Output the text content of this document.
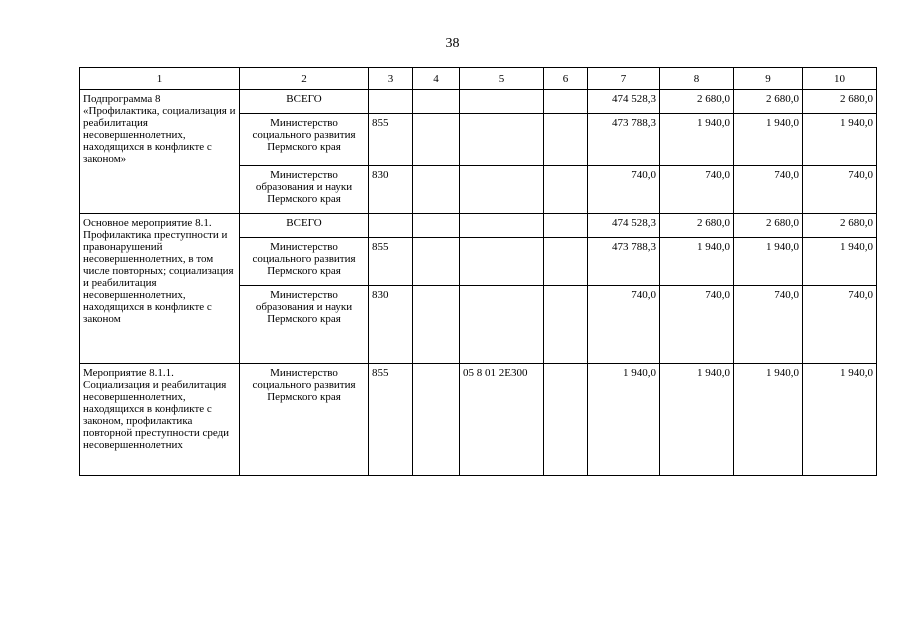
38
1	2	3	4	5	6	7	8	9	10
Подпрограмма 8 «Профилактика, социализация и реабилитация несовершеннолетних, находящихся в конфликте с законом»	ВСЕГО					474 528,3	2 680,0	2 680,0	2 680,0
	Министерство социального развития Пермского края	855				473 788,3	1 940,0	1 940,0	1 940,0
	Министерство образования и науки Пермского края	830				740,0	740,0	740,0	740,0
Основное мероприятие 8.1. Профилактика преступности и правонарушений несовершеннолетних, в том числе повторных; социализация и реабилитация несовершеннолетних, находящихся в конфликте с законом	ВСЕГО					474 528,3	2 680,0	2 680,0	2 680,0
	Министерство социального развития Пермского края	855				473 788,3	1 940,0	1 940,0	1 940,0
	Министерство образования и науки Пермского края	830				740,0	740,0	740,0	740,0
Мероприятие 8.1.1. Социализация и реабилитация несовершеннолетних, находящихся в конфликте с законом, профилактика повторной преступности среди несовершеннолетних	Министерство социального развития Пермского края	855		05 8 01 2Е300		1 940,0	1 940,0	1 940,0	1 940,0
